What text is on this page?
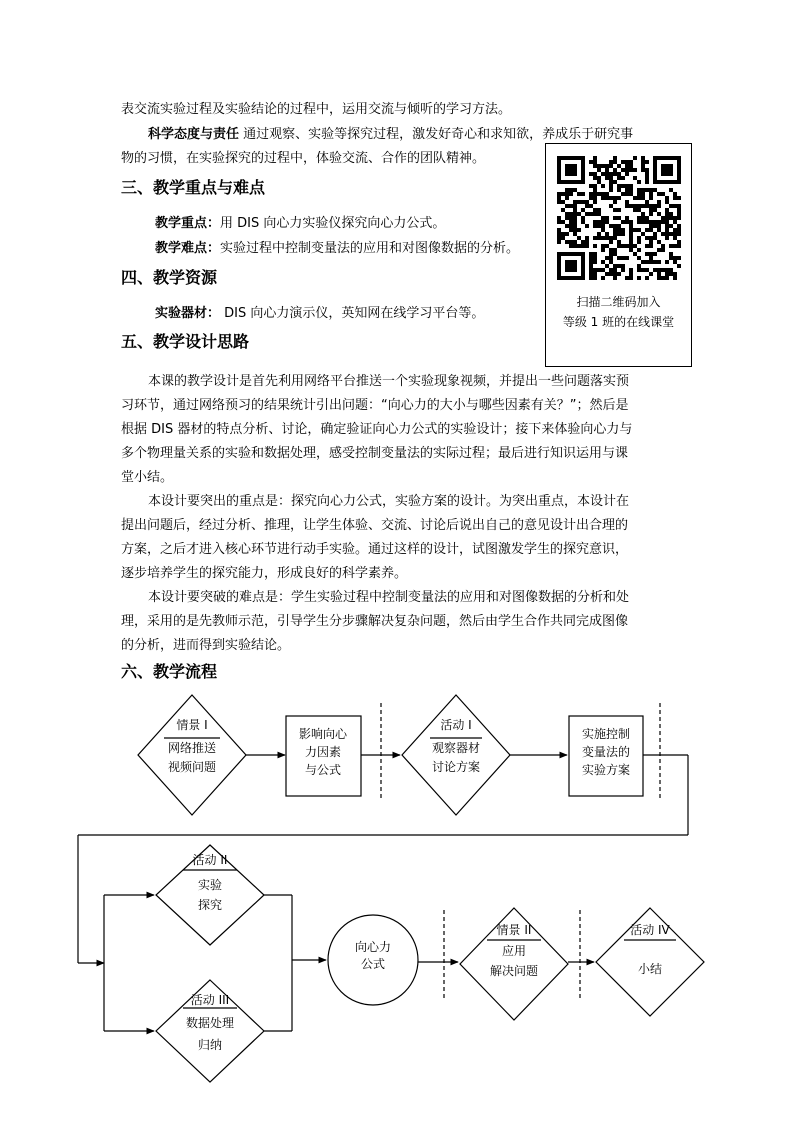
表交流实验过程及实验结论的过程中，运用交流与倾听的学习方法。
科学态度与责任 通过观察、实验等探究过程，激发好奇心和求知欲，养成乐于研究事
物的习惯，在实验探究的过程中，体验交流、合作的团队精神。
三、教学重点与难点
教学重点：用 DIS 向心力实验仪探究向心力公式。
教学难点：实验过程中控制变量法的应用和对图像数据的分析。
四、教学资源
实验器材： DIS 向心力演示仪，英知网在线学习平台等。
扫描二维码加入
等级 1 班的在线课堂
五、教学设计思路
本课的教学设计是首先利用网络平台推送一个实验现象视频，并提出一些问题落实预
习环节，通过网络预习的结果统计引出问题：“向心力的大小与哪些因素有关？”；然后是
根据 DIS 器材的特点分析、讨论，确定验证向心力公式的实验设计；接下来体验向心力与
多个物理量关系的实验和数据处理，感受控制变量法的实际过程；最后进行知识运用与课
堂小结。
本设计要突出的重点是：探究向心力公式，实验方案的设计。为突出重点，本设计在
提出问题后，经过分析、推理，让学生体验、交流、讨论后说出自己的意见设计出合理的
方案，之后才进入核心环节进行动手实验。通过这样的设计，试图激发学生的探究意识，
逐步培养学生的探究能力，形成良好的科学素养。
本设计要突破的难点是：学生实验过程中控制变量法的应用和对图像数据的分析和处
理，采用的是先教师示范，引导学生分步骤解决复杂问题，然后由学生合作共同完成图像
的分析，进而得到实验结论。
六、教学流程
情景 I
网络推送
视频问题
影响向心
力因素
与公式
活动 I
观察器材
讨论方案
实施控制
变量法的
实验方案
活动 II
实验
探究
活动 III
数据处理
归纳
向心力
公式
情景 II
应用
解决问题
活动 IV
小结
